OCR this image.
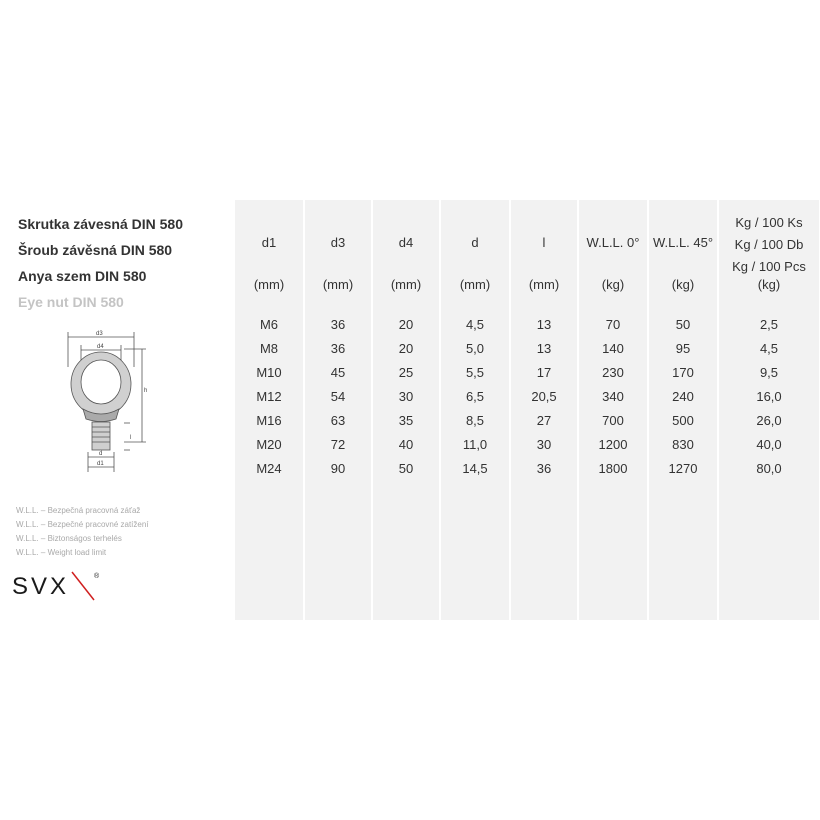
Skrutka závesná DIN 580
Šroub závěsná DIN 580
Anya szem DIN 580
Eye nut DIN 580
d3
d4
h
l
d
d1
W.L.L. – Bezpečná pracovná záťaž
W.L.L. – Bezpečné pracovné zatížení
W.L.L. – Biztonságos terhelés
W.L.L. – Weight load limit
SVX	®
d1
(mm)
M6
M8
M10
M12
M16
M20
M24
d3
(mm)
36
36
45
54
63
72
90
d4
(mm)
20
20
25
30
35
40
50
d
(mm)
4,5
5,0
5,5
6,5
8,5
11,0
14,5
l
(mm)
13
13
17
20,5
27
30
36
W.L.L. 0°
(kg)
70
140
230
340
700
1200
1800
W.L.L. 45°
(kg)
50
95
170
240
500
830
1270
Kg / 100 Ks
Kg / 100 Db
Kg / 100 Pcs
(kg)
2,5
4,5
9,5
16,0
26,0
40,0
80,0
